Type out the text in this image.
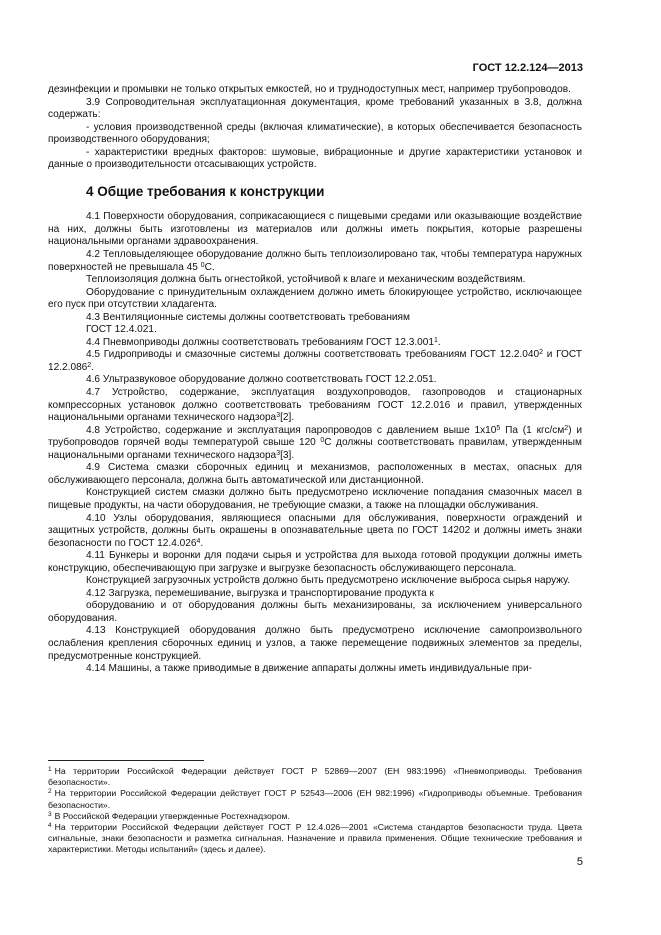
ГОСТ 12.2.124—2013

дезинфекции и промывки не только открытых емкостей, но и труднодоступных мест, например трубопроводов.

3.9 Сопроводительная эксплуатационная документация, кроме требований указанных в 3.8, должна содержать:

- условия производственной среды (включая климатические), в которых обеспечивается безопасность производственного оборудования;

- характеристики вредных факторов: шумовые, вибрационные и другие характеристики установок и данные о производительности отсасывающих устройств.

4 Общие требования к конструкции

4.1 Поверхности оборудования, соприкасающиеся с пищевыми средами или оказывающие воздействие на них, должны быть изготовлены из материалов или должны иметь покрытия, которые разрешены национальными органами здравоохранения.

4.2 Тепловыделяющее оборудование должно быть теплоизолировано так, чтобы температура наружных поверхностей не превышала 45 $^0$С.

Теплоизоляция должна быть огнестойкой, устойчивой к влаге и механическим воздействиям.

Оборудование с принудительным охлаждением должно иметь блокирующее устройство, исключающее его пуск при отсутствии хладагента.

4.3 Вентиляционные системы должны соответствовать требованиям

ГОСТ 12.4.021.

4.4 Пневмоприводы должны соответствовать требованиям ГОСТ 12.3.001$^1$.

4.5 Гидроприводы и смазочные системы должны соответствовать требованиям ГОСТ 12.2.040$^2$ и ГОСТ 12.2.086$^2$.

4.6 Ультразвуковое оборудование должно соответствовать ГОСТ 12.2.051.

4.7 Устройство, содержание, эксплуатация воздухопроводов, газопроводов и стационарных компрессорных установок должно соответствовать требованиям ГОСТ 12.2.016 и правил, утвержденных национальными органами технического надзора$^3$[2].

4.8 Устройство, содержание и эксплуатация паропроводов с давлением выше $1х10^5$ Па (1 кгс/$см^2$) и трубопроводов горячей воды температурой свыше 120 $^0$С должны соответствовать правилам, утвержденным национальными органами технического надзора$^3$[3].

4.9 Система смазки сборочных единиц и механизмов, расположенных в местах, опасных для обслуживающего персонала, должна быть автоматической или дистанционной.

Конструкцией систем смазки должно быть предусмотрено исключение попадания смазочных масел в пищевые продукты, на части оборудования, не требующие смазки, а также на площадки обслуживания.

4.10 Узлы оборудования, являющиеся опасными для обслуживания, поверхности ограждений и защитных устройств, должны быть окрашены в опознавательные цвета по ГОСТ 14202 и должны иметь знаки безопасности по ГОСТ 12.4.026$^4$.

4.11 Бункеры и воронки для подачи сырья и устройства для выхода готовой продукции должны иметь конструкцию, обеспечивающую при загрузке и выгрузке безопасность обслуживающего персонала.

Конструкцией загрузочных устройств должно быть предусмотрено исключение выброса сырья наружу.

4.12 Загрузка, перемешивание, выгрузка и транспортирование продукта к

оборудованию и от оборудования должны быть механизированы, за исключением универсального оборудования.

4.13 Конструкцией оборудования должно быть предусмотрено исключение самопроизвольного ослабления крепления сборочных единиц и узлов, а также перемещение подвижных элементов за пределы, предусмотренные конструкцией.

4.14 Машины, а также приводимые в движение аппараты должны иметь индивидуальные при-

$^1$ На территории Российской Федерации действует ГОСТ Р 52869—2007 (ЕН 983:1996) «Пневмоприводы. Требования безопасности».

$^2$ На территории Российской Федерации действует ГОСТ Р 52543—2006 (ЕН 982:1996) «Гидроприводы объемные. Требования безопасности».

$^3$ В Российской Федерации утвержденные Ростехнадзором.

$^4$ На территории Российской Федерации действует ГОСТ Р 12.4.026—2001 «Система стандартов безопасности труда. Цвета сигнальные, знаки безопасности и разметка сигнальная. Назначение и правила применения. Общие технические требования и характеристики. Методы испытаний» (здесь и далее).

5
